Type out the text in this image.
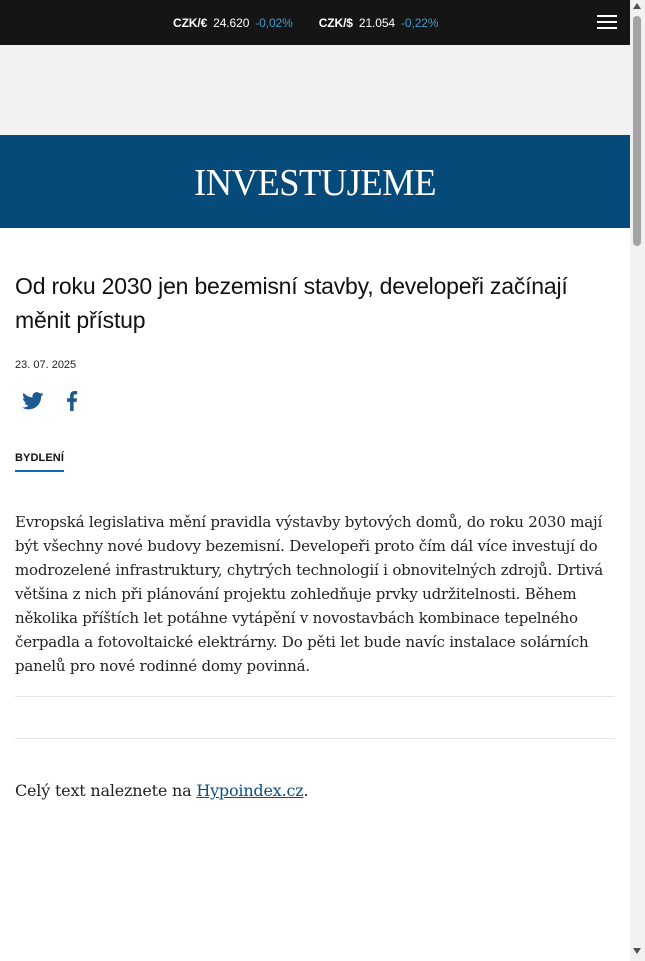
CZK/€ 24.620 -0,02% CZK/$ 21.054 -0,22%
INVESTUJEME
Od roku 2030 jen bezemisní stavby, developeři začínají měnit přístup
23. 07. 2025
BYDLENÍ

Evropská legislativa mění pravidla výstavby bytových domů, do roku 2030 mají být všechny nové budovy bezemisní. Developeři proto čím dál více investují do modrozelené infrastruktury, chytrých technologií i obnovitelných zdrojů. Drtivá většina z nich při plánování projektu zohledňuje prvky udržitelnosti. Během několika příštích let potáhne vytápění v novostavbách kombinace tepelného čerpadla a fotovoltaické elektrárny. Do pěti let bude navíc instalace solárních panelů pro nové rodinné domy povinná.

Celý text naleznete na Hypoindex.cz.
